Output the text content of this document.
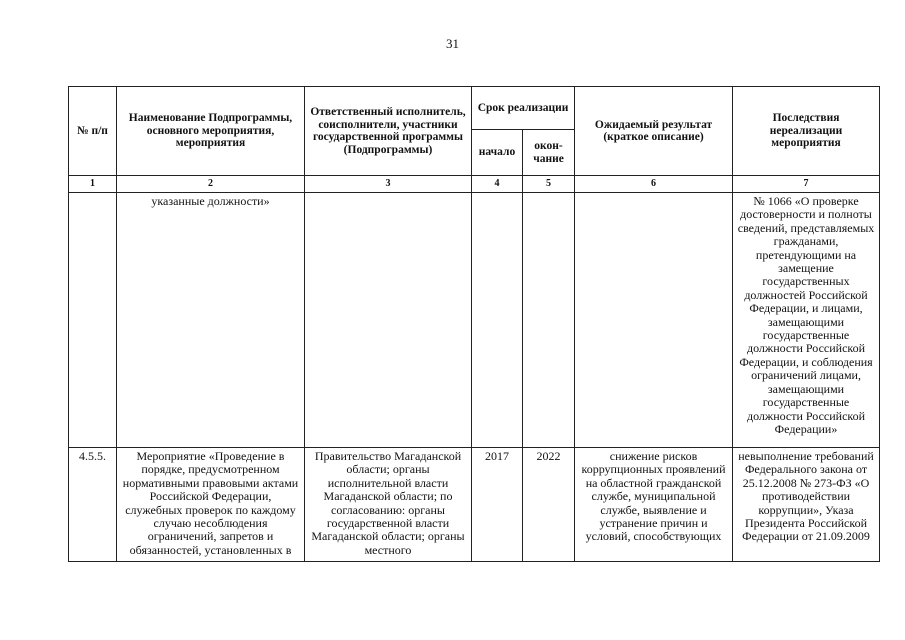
31
№ п/п	Наименование Подпрограммы, основного мероприятия, мероприятия	Ответственный исполнитель, соисполнители, участники государственной программы (Подпрограммы)	Срок реализации		Ожидаемый результат (краткое описание)	Последствия нереализации мероприятия
			начало	окон-чание		
1	2	3	4	5	6	7
	указанные должности»					№ 1066 «О проверке достоверности и полноты сведений, представляемых гражданами, претендующими на замещение государственных должностей Российской Федерации, и лицами, замещающими государственные должности Российской Федерации, и соблюдения ограничений лицами, замещающими государственные должности Российской Федерации»
4.5.5.	Мероприятие «Проведение в порядке, предусмотренном нормативными правовыми актами Российской Федерации, служебных проверок по каждому случаю несоблюдения ограничений, запретов и обязанностей, установленных в	Правительство Магаданской области; органы исполнительной власти Магаданской области; по согласованию: органы государственной власти Магаданской области; органы местного	2017	2022	снижение рисков коррупционных проявлений на областной гражданской службе, муниципальной службе, выявление и устранение причин и условий, способствующих	невыполнение требований Федерального закона от 25.12.2008 № 273-ФЗ «О противодействии коррупции», Указа Президента Российской Федерации от 21.09.2009
